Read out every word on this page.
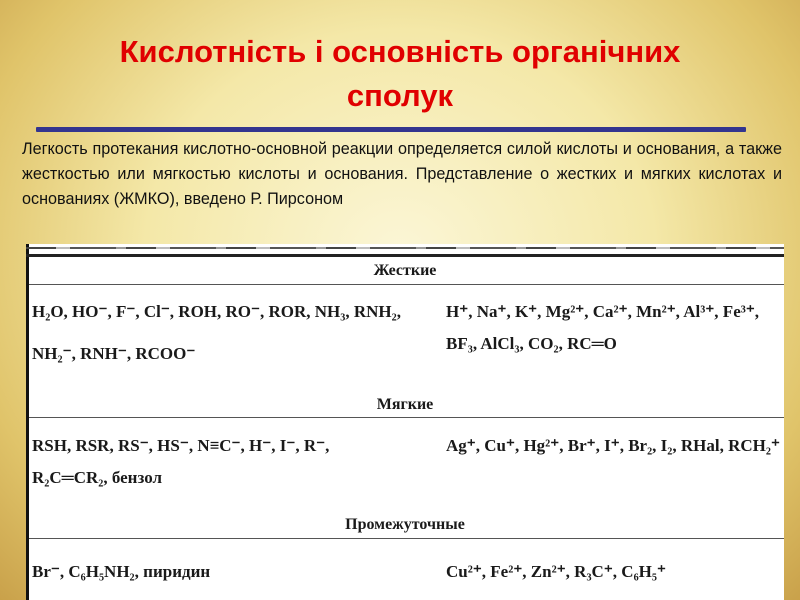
Кислотність і основність органічних
сполук
Легкость протекания кислотно-основной реакции определяется силой кислоты и основания, а также жесткостью или мягкостью кислоты и основания. Представление о жестких и мягких кислотах и основаниях (ЖМКО), введено Р. Пирсоном
Жесткие
H₂O, HO⁻, F⁻, Cl⁻, ROH, RO⁻, ROR, NH₃, RNH₂,
NH₂⁻, RNH⁻, RCOO⁻
H⁺, Na⁺, K⁺, Mg²⁺, Ca²⁺, Mn²⁺, Al³⁺, Fe³⁺,
BF₃, AlCl₃, CO₂, RC═O
Мягкие
RSH, RSR, RS⁻, HS⁻, N≡C⁻, H⁻, I⁻, R⁻,
R₂C═CR₂, бензол
Ag⁺, Cu⁺, Hg²⁺, Br⁺, I⁺, Br₂, I₂, RHal, RCH₂⁺
Промежуточные
Br⁻, C₆H₅NH₂, пиридин	Cu²⁺, Fe²⁺, Zn²⁺, R₃C⁺, C₆H₅⁺
